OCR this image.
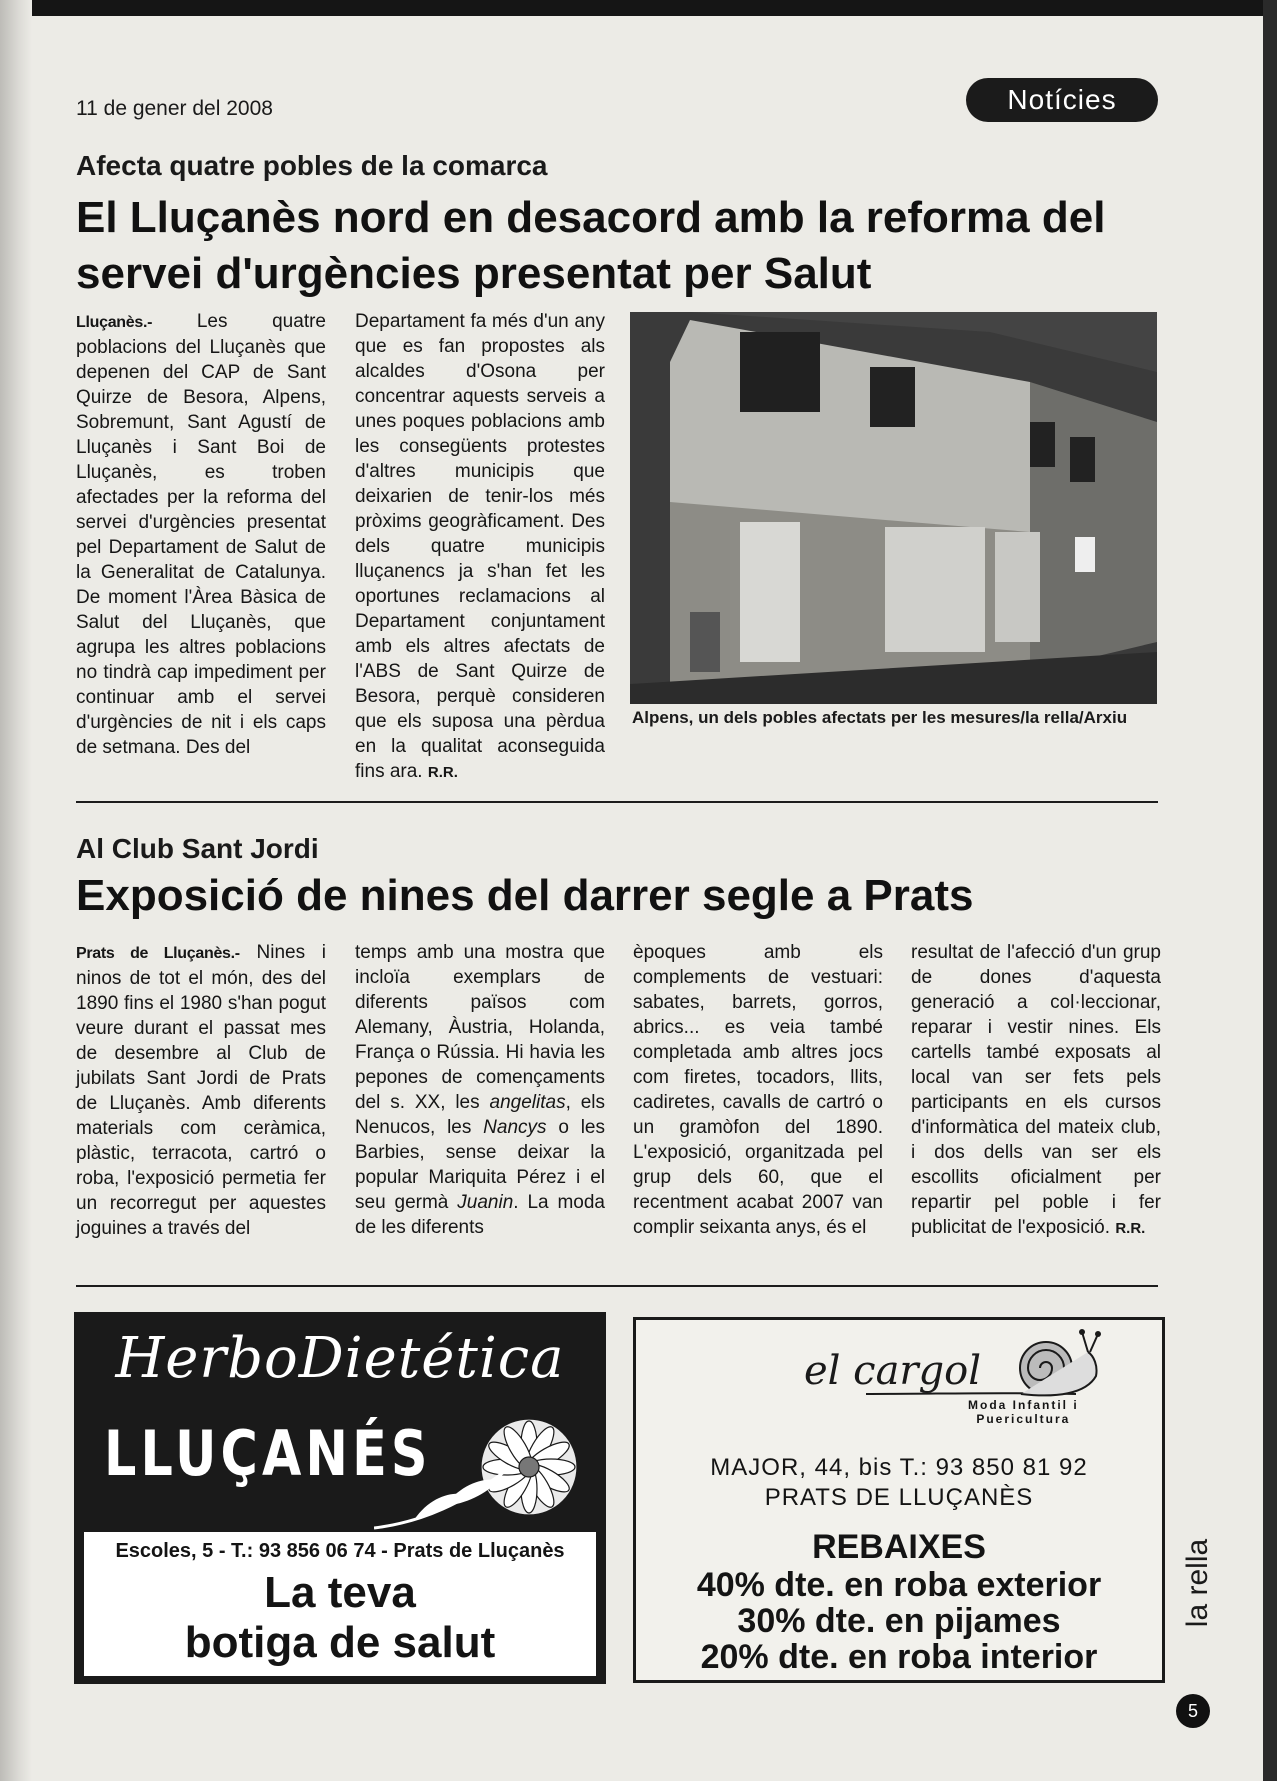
11 de gener del 2008	Notícies
Afecta quatre pobles de la comarca
El Lluçanès nord en desacord amb la reforma del servei d'urgències presentat per Salut
Lluçanès.- Les quatre poblacions del Lluçanès que depenen del CAP de Sant Quirze de Besora, Alpens, Sobremunt, Sant Agustí de Lluçanès i Sant Boi de Lluçanès, es troben afectades per la reforma del servei d'urgències presentat pel Departament de Salut de la Generalitat de Catalunya. De moment l'Àrea Bàsica de Salut del Lluçanès, que agrupa les altres poblacions no tindrà cap impediment per continuar amb el servei d'urgències de nit i els caps de setmana. Des del
Departament fa més d'un any que es fan propostes als alcaldes d'Osona per concentrar aquests serveis a unes poques poblacions amb les consegüents protestes d'altres municipis que deixarien de tenir-los més pròxims geogràficament. Des dels quatre municipis lluçanencs ja s'han fet les oportunes reclamacions al Departament conjuntament amb els altres afectats de l'ABS de Sant Quirze de Besora, perquè consideren que els suposa una pèrdua en la qualitat aconseguida fins ara. R.R.
Alpens, un dels pobles afectats per les mesures/la rella/Arxiu
Al Club Sant Jordi
Exposició de nines del darrer segle a Prats
Prats de Lluçanès.- Nines i ninos de tot el món, des del 1890 fins el 1980 s'han pogut veure durant el passat mes de desembre al Club de jubilats Sant Jordi de Prats de Lluçanès. Amb diferents materials com ceràmica, plàstic, terracota, cartró o roba, l'exposició permetia fer un recorregut per aquestes joguines a través del
temps amb una mostra que incloïa exemplars de diferents països com Alemany, Àustria, Holanda, França o Rússia. Hi havia les pepones de començaments del s. XX, les angelitas, els Nenucos, les Nancys o les Barbies, sense deixar la popular Mariquita Pérez i el seu germà Juanin. La moda de les diferents
èpoques amb els complements de vestuari: sabates, barrets, gorros, abrics... es veia també completada amb altres jocs com firetes, tocadors, llits, cadiretes, cavalls de cartró o un gramòfon del 1890. L'exposició, organitzada pel grup dels 60, que el recentment acabat 2007 van complir seixanta anys, és el
resultat de l'afecció d'un grup de dones d'aquesta generació a col·leccionar, reparar i vestir nines. Els cartells també exposats al local van ser fets pels participants en els cursos d'informàtica del mateix club, i dos dells van ser els escollits oficialment per repartir pel poble i fer publicitat de l'exposició. R.R.
HerboDietética
LLUÇANÉS
Escoles, 5 - T.: 93 856 06 74 - Prats de Lluçanès
La teva
botiga de salut
el cargol
Moda Infantil i
Puericultura
MAJOR, 44, bis T.: 93 850 81 92
PRATS DE LLUÇANÈS
REBAIXES
40% dte. en roba exterior
30% dte. en pijames
20% dte. en roba interior
la rella
5
